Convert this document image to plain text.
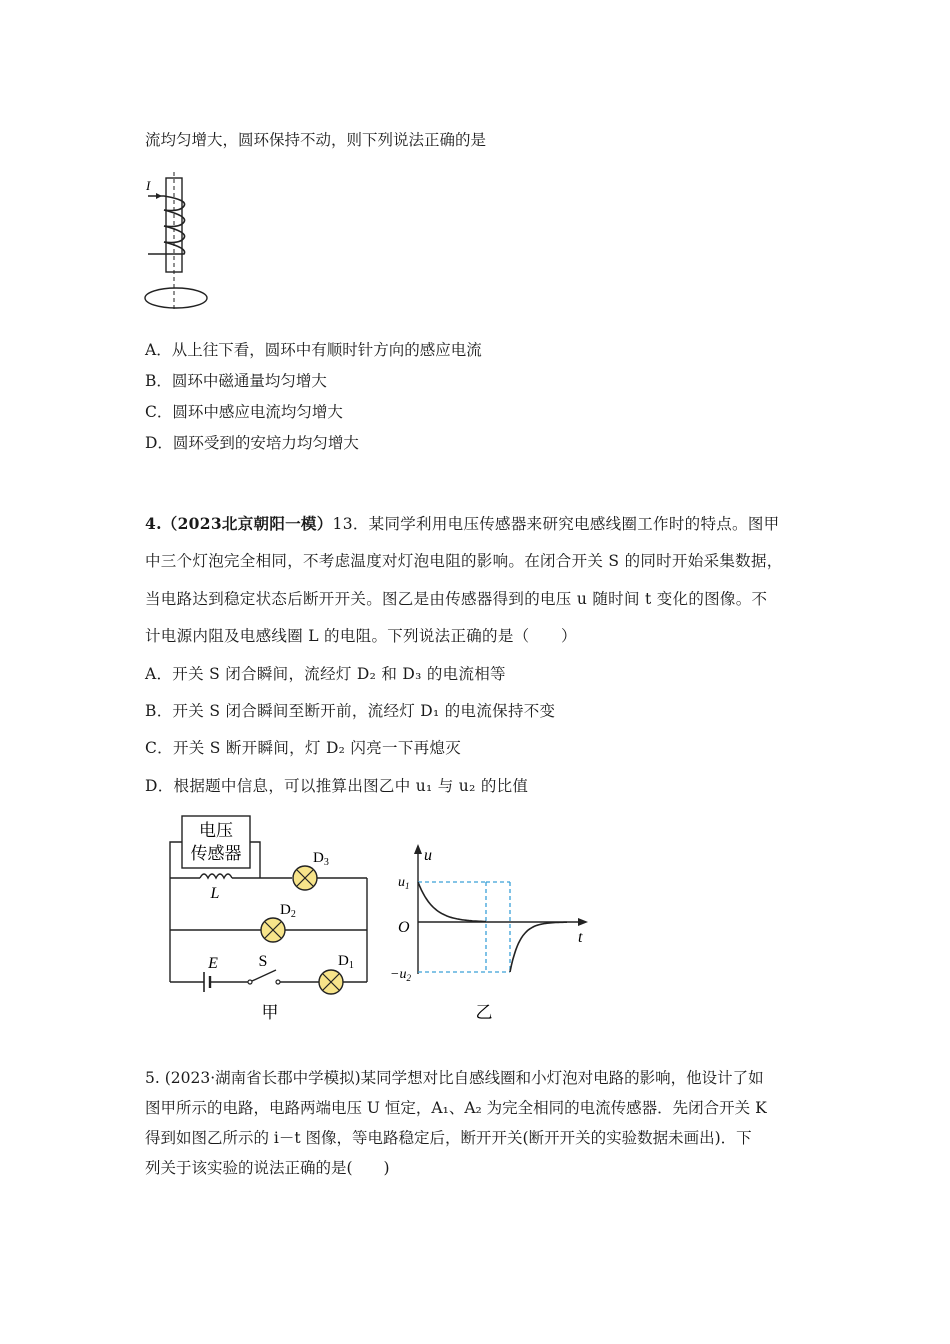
流均匀增大，圆环保持不动，则下列说法正确的是
I
A．从上往下看，圆环中有顺时针方向的感应电流
B．圆环中磁通量均匀增大
C．圆环中感应电流均匀增大
D．圆环受到的安培力均匀增大
4.（2023北京朝阳一模）13．某同学利用电压传感器来研究电感线圈工作时的特点。图甲
中三个灯泡完全相同，不考虑温度对灯泡电阻的影响。在闭合开关 S 的同时开始采集数据，
当电路达到稳定状态后断开开关。图乙是由传感器得到的电压 u 随时间 t 变化的图像。不
计电源内阻及电感线圈 L 的电阻。下列说法正确的是（　　）
A．开关 S 闭合瞬间，流经灯 D₂ 和 D₃ 的电流相等
B．开关 S 闭合瞬间至断开前，流经灯 D₁ 的电流保持不变
C．开关 S 断开瞬间，灯 D₂ 闪亮一下再熄灭
D．根据题中信息，可以推算出图乙中 u₁ 与 u₂ 的比值
电压
传感器
L
$D_3$
$D_2$
E	S	$D_1$
甲
u
t
O
$u_1$
$-u_2$
乙
5. (2023·湖南省长郡中学模拟)某同学想对比自感线圈和小灯泡对电路的影响，他设计了如
图甲所示的电路，电路两端电压 U 恒定，A₁、A₂ 为完全相同的电流传感器．先闭合开关 K
得到如图乙所示的 i－t 图像，等电路稳定后，断开开关(断开开关的实验数据未画出)．下
列关于该实验的说法正确的是(　　)
